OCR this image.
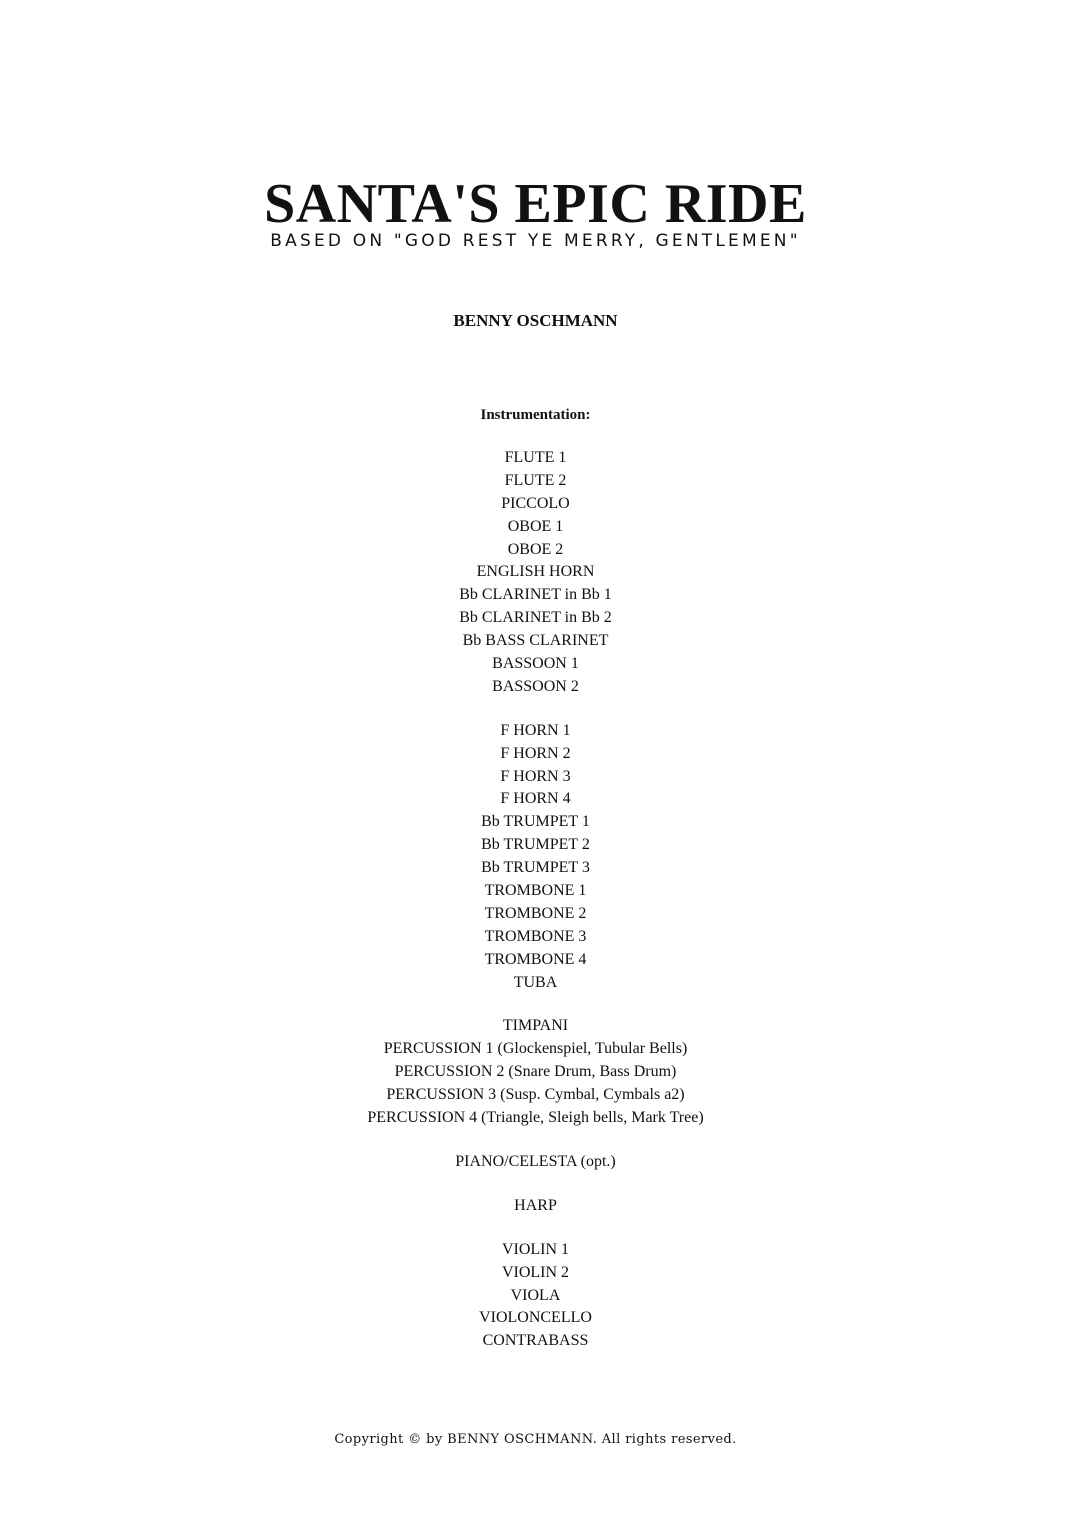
SANTA'S EPIC RIDE

BASED ON "GOD REST YE MERRY, GENTLEMEN"

BENNY OSCHMANN

Instrumentation:

FLUTE 1
FLUTE 2
PICCOLO
OBOE 1
OBOE 2
ENGLISH HORN
Bb CLARINET in Bb 1
Bb CLARINET in Bb 2
Bb BASS CLARINET
BASSOON 1
BASSOON 2
F HORN 1
F HORN 2
F HORN 3
F HORN 4
Bb TRUMPET 1
Bb TRUMPET 2
Bb TRUMPET 3
TROMBONE 1
TROMBONE 2
TROMBONE 3
TROMBONE 4
TUBA
TIMPANI
PERCUSSION 1 (Glockenspiel, Tubular Bells)
PERCUSSION 2 (Snare Drum, Bass Drum)
PERCUSSION 3 (Susp. Cymbal, Cymbals a2)
PERCUSSION 4 (Triangle, Sleigh bells, Mark Tree)
PIANO/CELESTA (opt.)
HARP
VIOLIN 1
VIOLIN 2
VIOLA
VIOLONCELLO
CONTRABASS

Copyright © by BENNY OSCHMANN. All rights reserved.
